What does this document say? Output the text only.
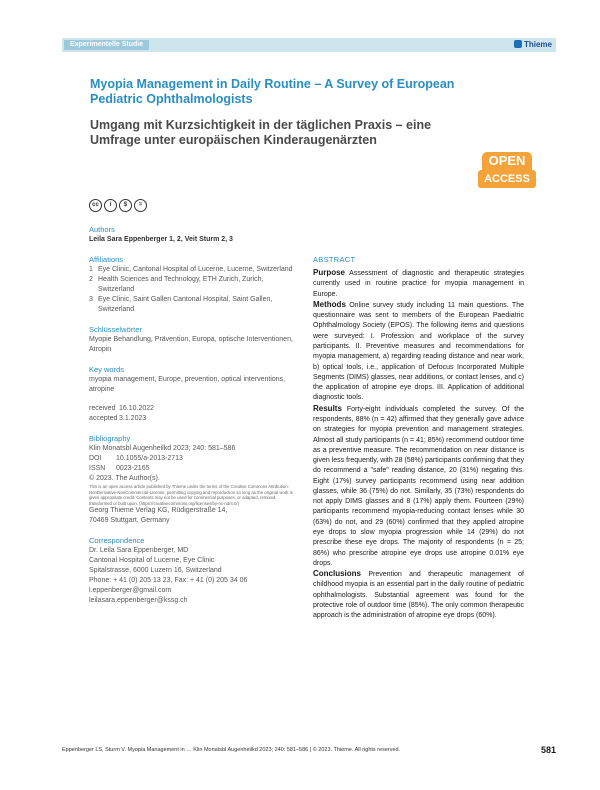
Experimentelle Studie	Thieme
Myopia Management in Daily Routine – A Survey of European Pediatric Ophthalmologists
Umgang mit Kurzsichtigkeit in der täglichen Praxis – eine Umfrage unter europäischen Kinderaugenärzten
OPEN
ACCESS
cc	i	$	=
Authors
Leila Sara Eppenberger 1, 2, Veit Sturm 2, 3
Affiliations
1 Eye Clinic, Cantonal Hospital of Lucerne, Lucerne, Switzerland
2 Health Sciences and Technology, ETH Zurich, Zurich, Switzerland
3 Eye Clinic, Saint Gallen Cantonal Hospital, Saint Gallen, Switzerland
Schlüsselwörter
Myopie Behandlung, Prävention, Europa, optische Interventionen, Atropin
Key words
myopia management, Europe, prevention, optical interventions, atropine
received 16.10.2022
accepted 3.1.2023
Bibliography
Klin Monatsbl Augenheilkd 2023; 240: 581–586
DOI	10.1055/a-2013-2713
ISSN	0023-2165
© 2023. The Author(s).
This is an open access article published by Thieme under the terms of the Creative Commons Attribution-NonDerivative-NonCommercial-License, permitting copying and reproduction so long as the original work is given appropriate credit. Contents may not be used for commercial purposes, or adapted, remixed, transformed or built upon. (https://creativecommons.org/licenses/by-nc-nd/4.0/)
Georg Thieme Verlag KG, Rüdigerstraße 14,
70469 Stuttgart, Germany
Correspondence
Dr. Leila Sara Eppenberger, MD
Cantonal Hospital of Lucerne, Eye Clinic
Spitalstrasse, 6000 Luzern 16, Switzerland
Phone: + 41 (0) 205 13 23, Fax: + 41 (0) 205 34 06
l.eppenberger@gmail.com
leilasara.eppenberger@kssg.ch
ABSTRACT

Purpose Assessment of diagnostic and therapeutic strategies currently used in routine practice for myopia management in Europe.

Methods Online survey study including 11 main questions. The questionnaire was sent to members of the European Paediatric Ophthalmology Society (EPOS). The following items and questions were surveyed: I. Profession and workplace of the survey participants. II. Preventive measures and recommendations for myopia management, a) regarding reading distance and near work, b) optical tools, i.e., application of Defocus Incorporated Multiple Segments (DIMS) glasses, near additions, or contact lenses, and c) the application of atropine eye drops. III. Application of additional diagnostic tools.

Results Forty-eight individuals completed the survey. Of the respondents, 88% (n = 42) affirmed that they generally gave advice on strategies for myopia prevention and management strategies. Almost all study participants (n = 41; 85%) recommend outdoor time as a preventive measure. The recommendation on near distance is given less frequently, with 28 (58%) participants confirming that they do recommend a "safe" reading distance, 20 (31%) negating this. Eight (17%) survey participants recommend using near addition glasses, while 36 (75%) do not. Similarly, 35 (73%) respondents do not apply DIMS glasses and 8 (17%) apply them. Fourteen (29%) participants recommend myopia-reducing contact lenses while 30 (63%) do not, and 29 (60%) confirmed that they applied atropine eye drops to slow myopia progression while 14 (29%) do not prescribe these eye drops. The majority of respondents (n = 25; 86%) who prescribe atropine eye drops use atropine 0.01% eye drops.

Conclusions Prevention and therapeutic management of childhood myopia is an essential part in the daily routine of pediatric ophthalmologists. Substantial agreement was found for the protective role of outdoor time (85%). The only common therapeutic approach is the administration of atropine eye drops (60%).

Eppenberger LS, Sturm V. Myopia Management in … Klin Monatsbl Augenheilkd 2023; 240: 581–586 | © 2023. Thieme. All rights reserved.	581
